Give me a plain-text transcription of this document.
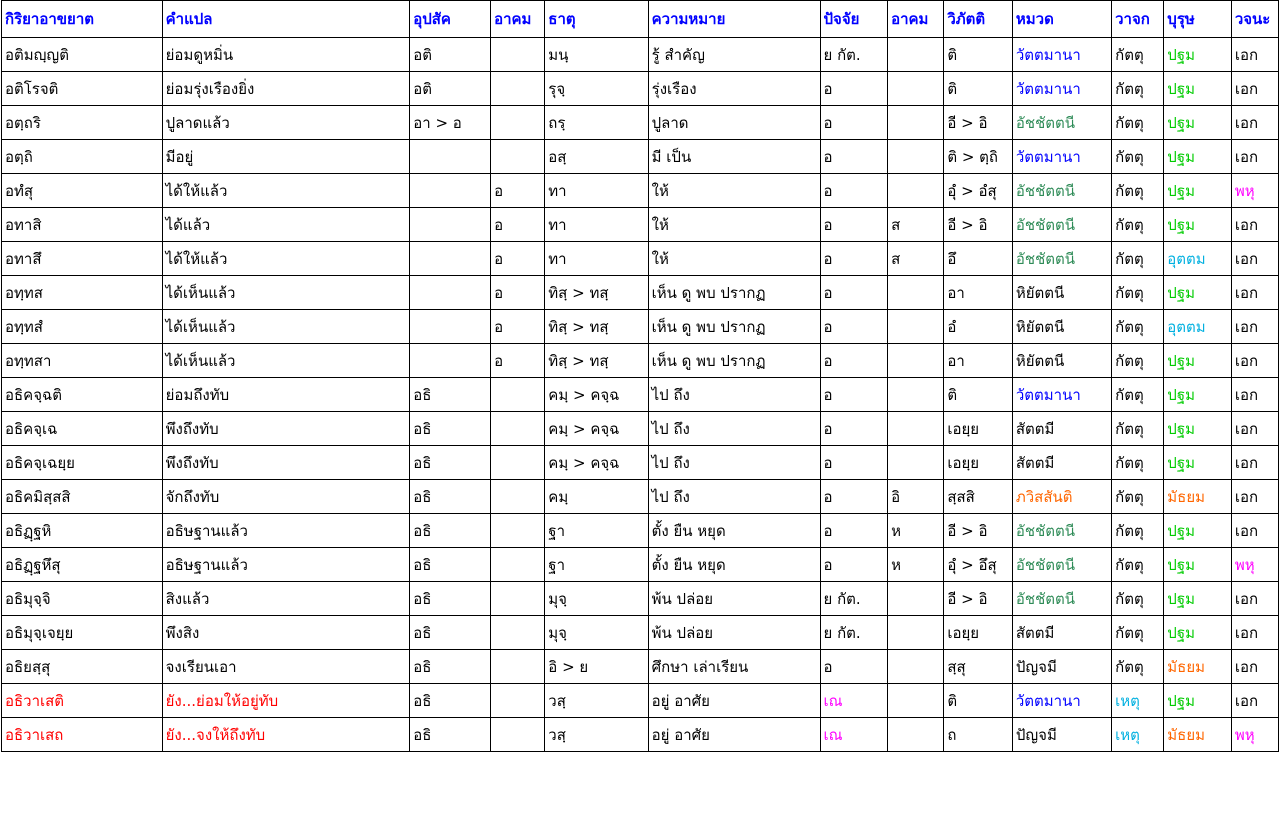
กิริยาอาขยาต	คำแปล	อุปสัค	อาคม	ธาตุ	ความหมาย	ปัจจัย	อาคม	วิภัตติ	หมวด	วาจก	บุรุษ	วจนะ
อติมญฺญติ	ย่อมดูหมิ่น	อติ		มนฺ	รู้ สำคัญ	ย กัต.		ติ	วัตตมานา	กัตตุ	ปฐม	เอก
อติโรจติ	ย่อมรุ่งเรืองยิ่ง	อติ		รุจฺ	รุ่งเรือง	อ		ติ	วัตตมานา	กัตตุ	ปฐม	เอก
อตฺถริ	ปูลาดแล้ว	อา > อ		ถรฺ	ปูลาด	อ		อี > อิ	อัชชัตตนี	กัตตุ	ปฐม	เอก
อตฺถิ	มีอยู่			อสฺ	มี เป็น	อ		ติ > ตฺถิ	วัตตมานา	กัตตุ	ปฐม	เอก
อทํสุ	ได้ให้แล้ว		อ	ทา	ให้	อ		อุํ > อํสุ	อัชชัตตนี	กัตตุ	ปฐม	พหุ
อทาสิ	ได้แล้ว		อ	ทา	ให้	อ	ส	อี > อิ	อัชชัตตนี	กัตตุ	ปฐม	เอก
อทาสึ	ได้ให้แล้ว		อ	ทา	ให้	อ	ส	อึ	อัชชัตตนี	กัตตุ	อุตตม	เอก
อทฺทส	ได้เห็นแล้ว		อ	ทิสฺ > ทสฺ	เห็น ดู พบ ปรากฏ	อ		อา	หิยัตตนี	กัตตุ	ปฐม	เอก
อทฺทสํ	ได้เห็นแล้ว		อ	ทิสฺ > ทสฺ	เห็น ดู พบ ปรากฏ	อ		อํ	หิยัตตนี	กัตตุ	อุตตม	เอก
อทฺทสา	ได้เห็นแล้ว		อ	ทิสฺ > ทสฺ	เห็น ดู พบ ปรากฏ	อ		อา	หิยัตตนี	กัตตุ	ปฐม	เอก
อธิคจฺฉติ	ย่อมถึงทับ	อธิ		คมฺ > คจฺฉ	ไป ถึง	อ		ติ	วัตตมานา	กัตตุ	ปฐม	เอก
อธิคจฺเฉ	พึงถึงทับ	อธิ		คมฺ > คจฺฉ	ไป ถึง	อ		เอยฺย	สัตตมี	กัตตุ	ปฐม	เอก
อธิคจฺเฉยฺย	พึงถึงทับ	อธิ		คมฺ > คจฺฉ	ไป ถึง	อ		เอยฺย	สัตตมี	กัตตุ	ปฐม	เอก
อธิคมิสฺสสิ	จักถึงทับ	อธิ		คมฺ	ไป ถึง	อ	อิ	สฺสสิ	ภวิสสันติ	กัตตุ	มัธยม	เอก
อธิฏฺฐหิ	อธิษฐานแล้ว	อธิ		ฐา	ตั้ง ยืน หยุด	อ	ห	อี > อิ	อัชชัตตนี	กัตตุ	ปฐม	เอก
อธิฏฺฐหึสุ	อธิษฐานแล้ว	อธิ		ฐา	ตั้ง ยืน หยุด	อ	ห	อุํ > อึสุ	อัชชัตตนี	กัตตุ	ปฐม	พหุ
อธิมุจฺจิ	สิงแล้ว	อธิ		มุจฺ	พ้น ปล่อย	ย กัต.		อี > อิ	อัชชัตตนี	กัตตุ	ปฐม	เอก
อธิมุจฺเจยฺย	พึงสิง	อธิ		มุจฺ	พ้น ปล่อย	ย กัต.		เอยฺย	สัตตมี	กัตตุ	ปฐม	เอก
อธิยสฺสุ	จงเรียนเอา	อธิ		อิ > ย	ศึกษา เล่าเรียน	อ		สฺสุ	ปัญจมี	กัตตุ	มัธยม	เอก
อธิวาเสติ	ยัง...ย่อมให้อยู่ทับ	อธิ		วสฺ	อยู่ อาศัย	เณ		ติ	วัตตมานา	เหตุ	ปฐม	เอก
อธิวาเสถ	ยัง...จงให้ถึงทับ	อธิ		วสฺ	อยู่ อาศัย	เณ		ถ	ปัญจมี	เหตุ	มัธยม	พหุ
